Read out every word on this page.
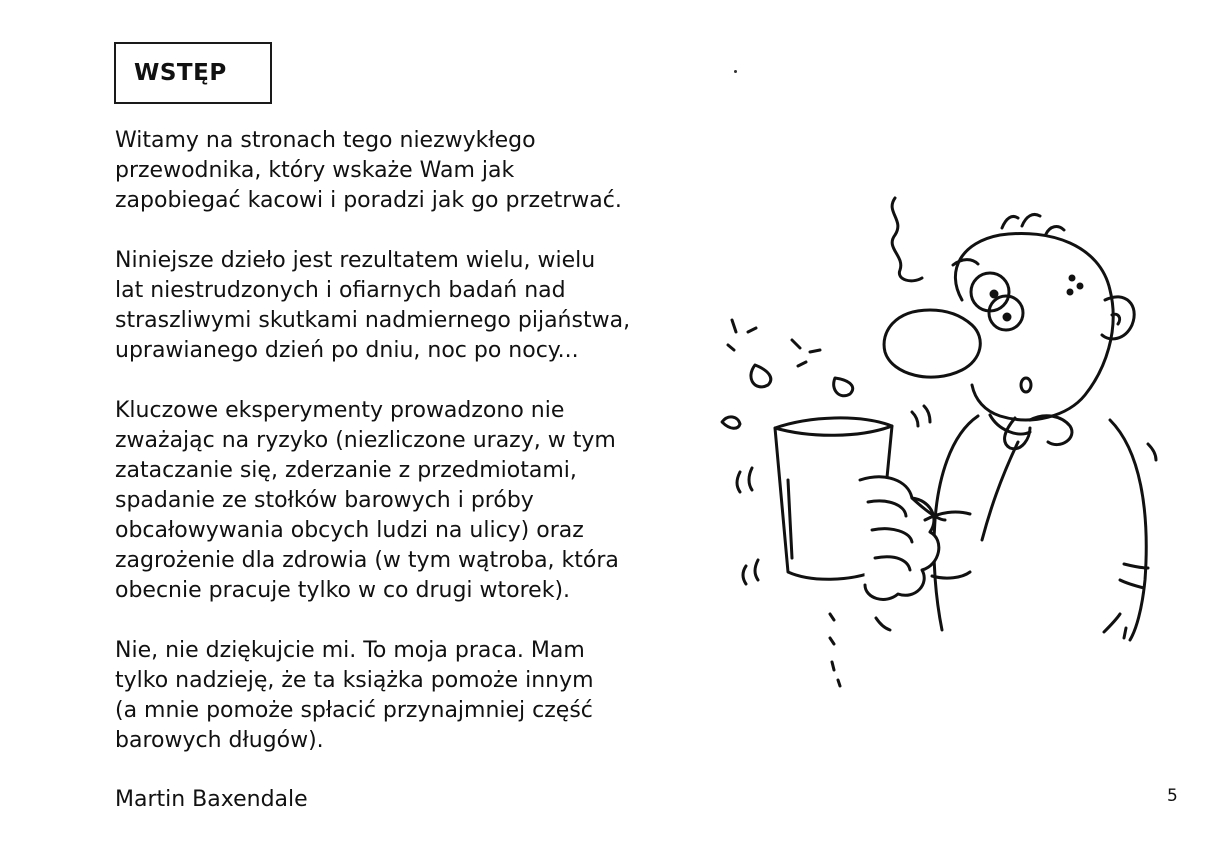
WSTĘP

Witamy na stronach tego niezwykłego
przewodnika, który wskaże Wam jak
zapobiegać kacowi i poradzi jak go przetrwać.

Niniejsze dzieło jest rezultatem wielu, wielu
lat niestrudzonych i ofiarnych badań nad
straszliwymi skutkami nadmiernego pijaństwa,
uprawianego dzień po dniu, noc po nocy...

Kluczowe eksperymenty prowadzono nie
zważając na ryzyko (niezliczone urazy, w tym
zataczanie się, zderzanie z przedmiotami,
spadanie ze stołków barowych i próby
obcałowywania obcych ludzi na ulicy) oraz
zagrożenie dla zdrowia (w tym wątroba, która
obecnie pracuje tylko w co drugi wtorek).

Nie, nie dziękujcie mi. To moja praca. Mam
tylko nadzieję, że ta książka pomoże innym
(a mnie pomoże spłacić przynajmniej część
barowych długów).

Martin Baxendale	5
